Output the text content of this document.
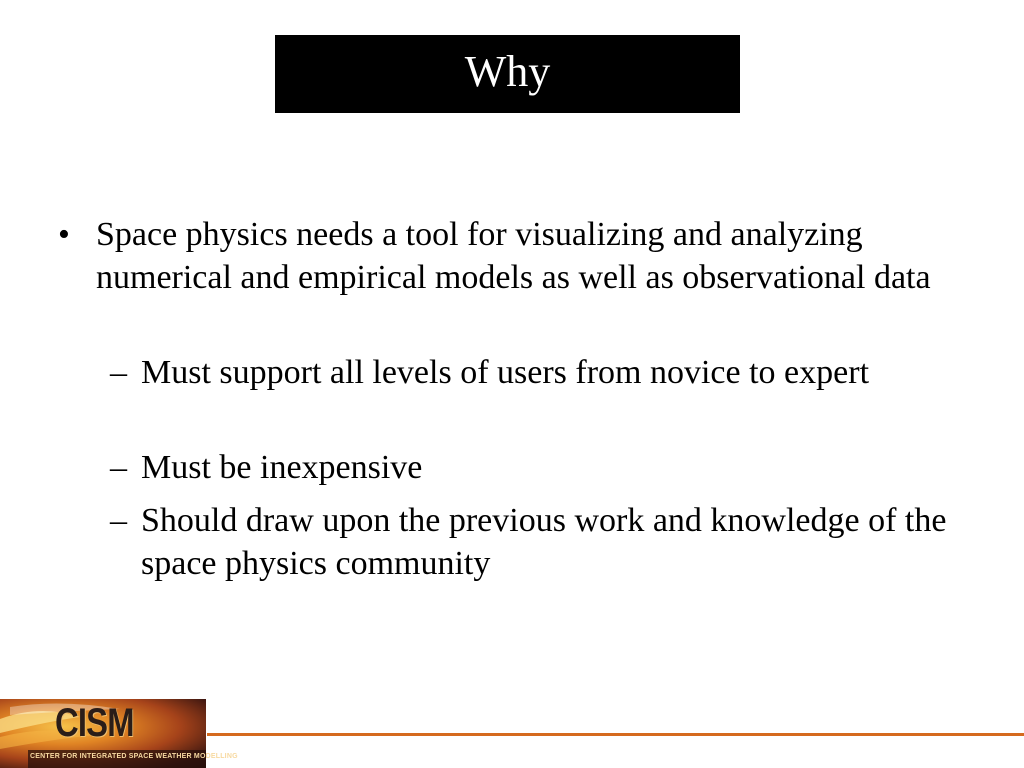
Why
• Space physics needs a tool for visualizing and analyzing numerical and empirical models as well as observational data
– Must support all levels of users from novice to expert
– Must be inexpensive
– Should draw upon the previous work and knowledge of the space physics community
CISM
CENTER FOR INTEGRATED SPACE WEATHER MODELLING
